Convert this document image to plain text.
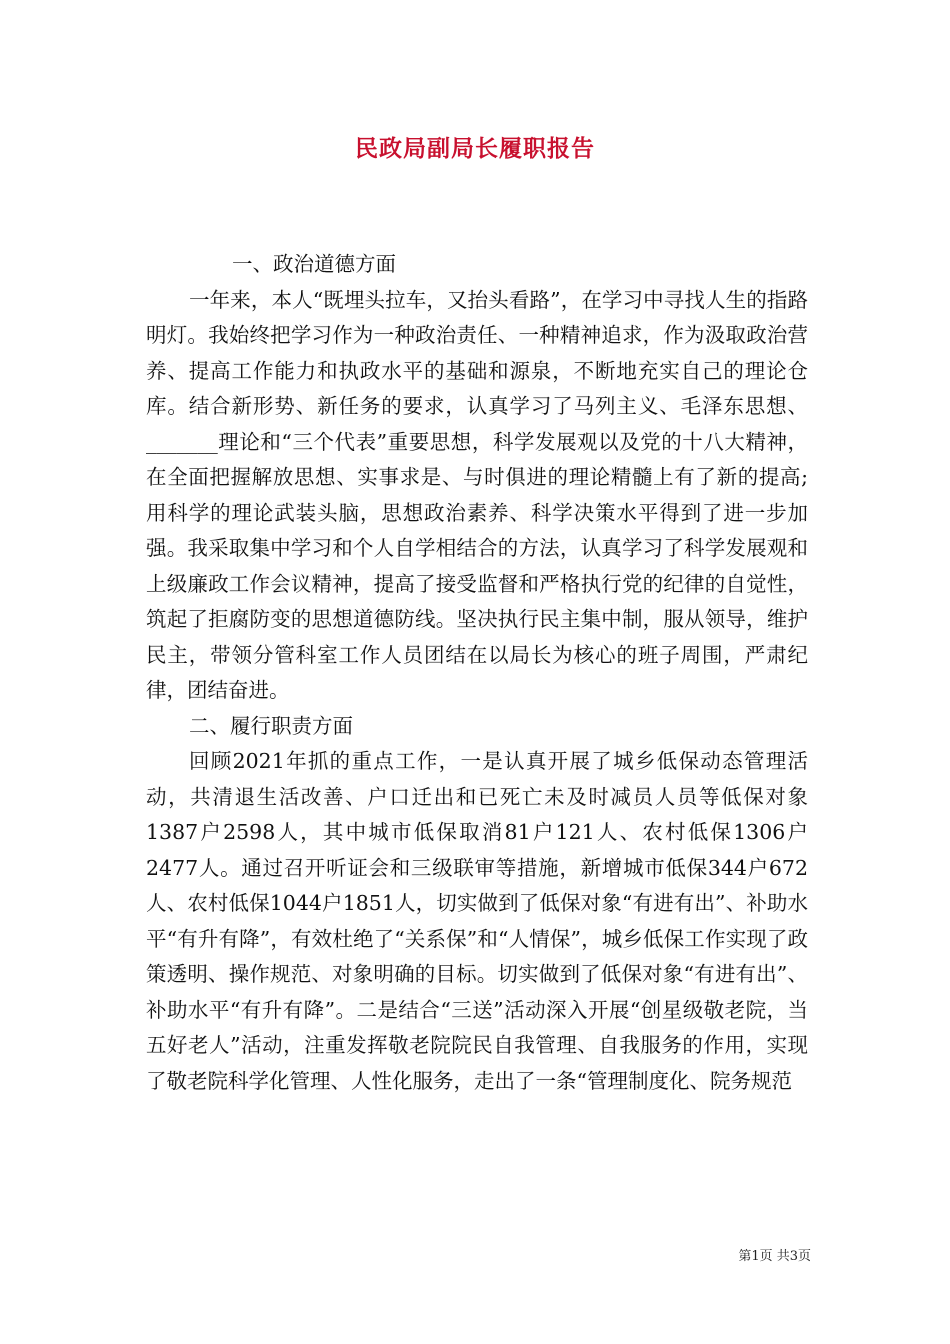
民政局副局长履职报告
一、政治道德方面

一年来，本人“既埋头拉车，又抬头看路”，在学习中寻找人生的指路明灯。我始终把学习作为一种政治责任、一种精神追求，作为汲取政治营养、提高工作能力和执政水平的基础和源泉，不断地充实自己的理论仓库。结合新形势、新任务的要求，认真学习了马列主义、毛泽东思想、_______理论和“三个代表”重要思想，科学发展观以及党的十八大精神，在全面把握解放思想、实事求是、与时俱进的理论精髓上有了新的提高;用科学的理论武装头脑，思想政治素养、科学决策水平得到了进一步加强。我采取集中学习和个人自学相结合的方法，认真学习了科学发展观和上级廉政工作会议精神，提高了接受监督和严格执行党的纪律的自觉性，筑起了拒腐防变的思想道德防线。坚决执行民主集中制，服从领导，维护民主，带领分管科室工作人员团结在以局长为核心的班子周围，严肃纪律，团结奋进。

二、履行职责方面

回顾2021年抓的重点工作，一是认真开展了城乡低保动态管理活动，共清退生活改善、户口迁出和已死亡未及时减员人员等低保对象1387户2598人，其中城市低保取消81户121人、农村低保1306户2477人。通过召开听证会和三级联审等措施，新增城市低保344户672人、农村低保1044户1851人，切实做到了低保对象“有进有出”、补助水平“有升有降”，有效杜绝了“关系保”和“人情保”，城乡低保工作实现了政策透明、操作规范、对象明确的目标。切实做到了低保对象“有进有出”、补助水平“有升有降”。二是结合“三送”活动深入开展“创星级敬老院，当五好老人”活动，注重发挥敬老院院民自我管理、自我服务的作用，实现了敬老院科学化管理、人性化服务，走出了一条“管理制度化、院务规范

第1页 共3页
